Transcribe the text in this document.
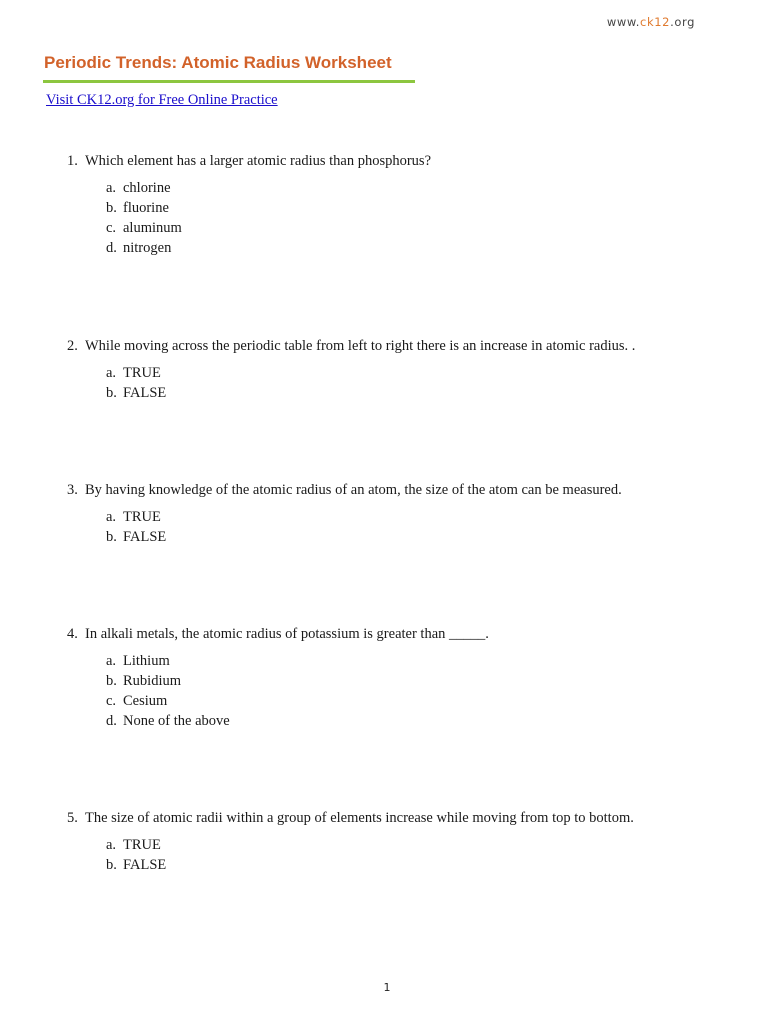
www.ck12.org
Periodic Trends: Atomic Radius Worksheet
Visit CK12.org for Free Online Practice
1. Which element has a larger atomic radius than phosphorus?
a. chlorine
b. fluorine
c. aluminum
d. nitrogen
2. While moving across the periodic table from left to right there is an increase in atomic radius. .
a. TRUE
b. FALSE
3. By having knowledge of the atomic radius of an atom, the size of the atom can be measured.
a. TRUE
b. FALSE
4. In alkali metals, the atomic radius of potassium is greater than _____.
a. Lithium
b. Rubidium
c. Cesium
d. None of the above
5. The size of atomic radii within a group of elements increase while moving from top to bottom.
a. TRUE
b. FALSE
1
